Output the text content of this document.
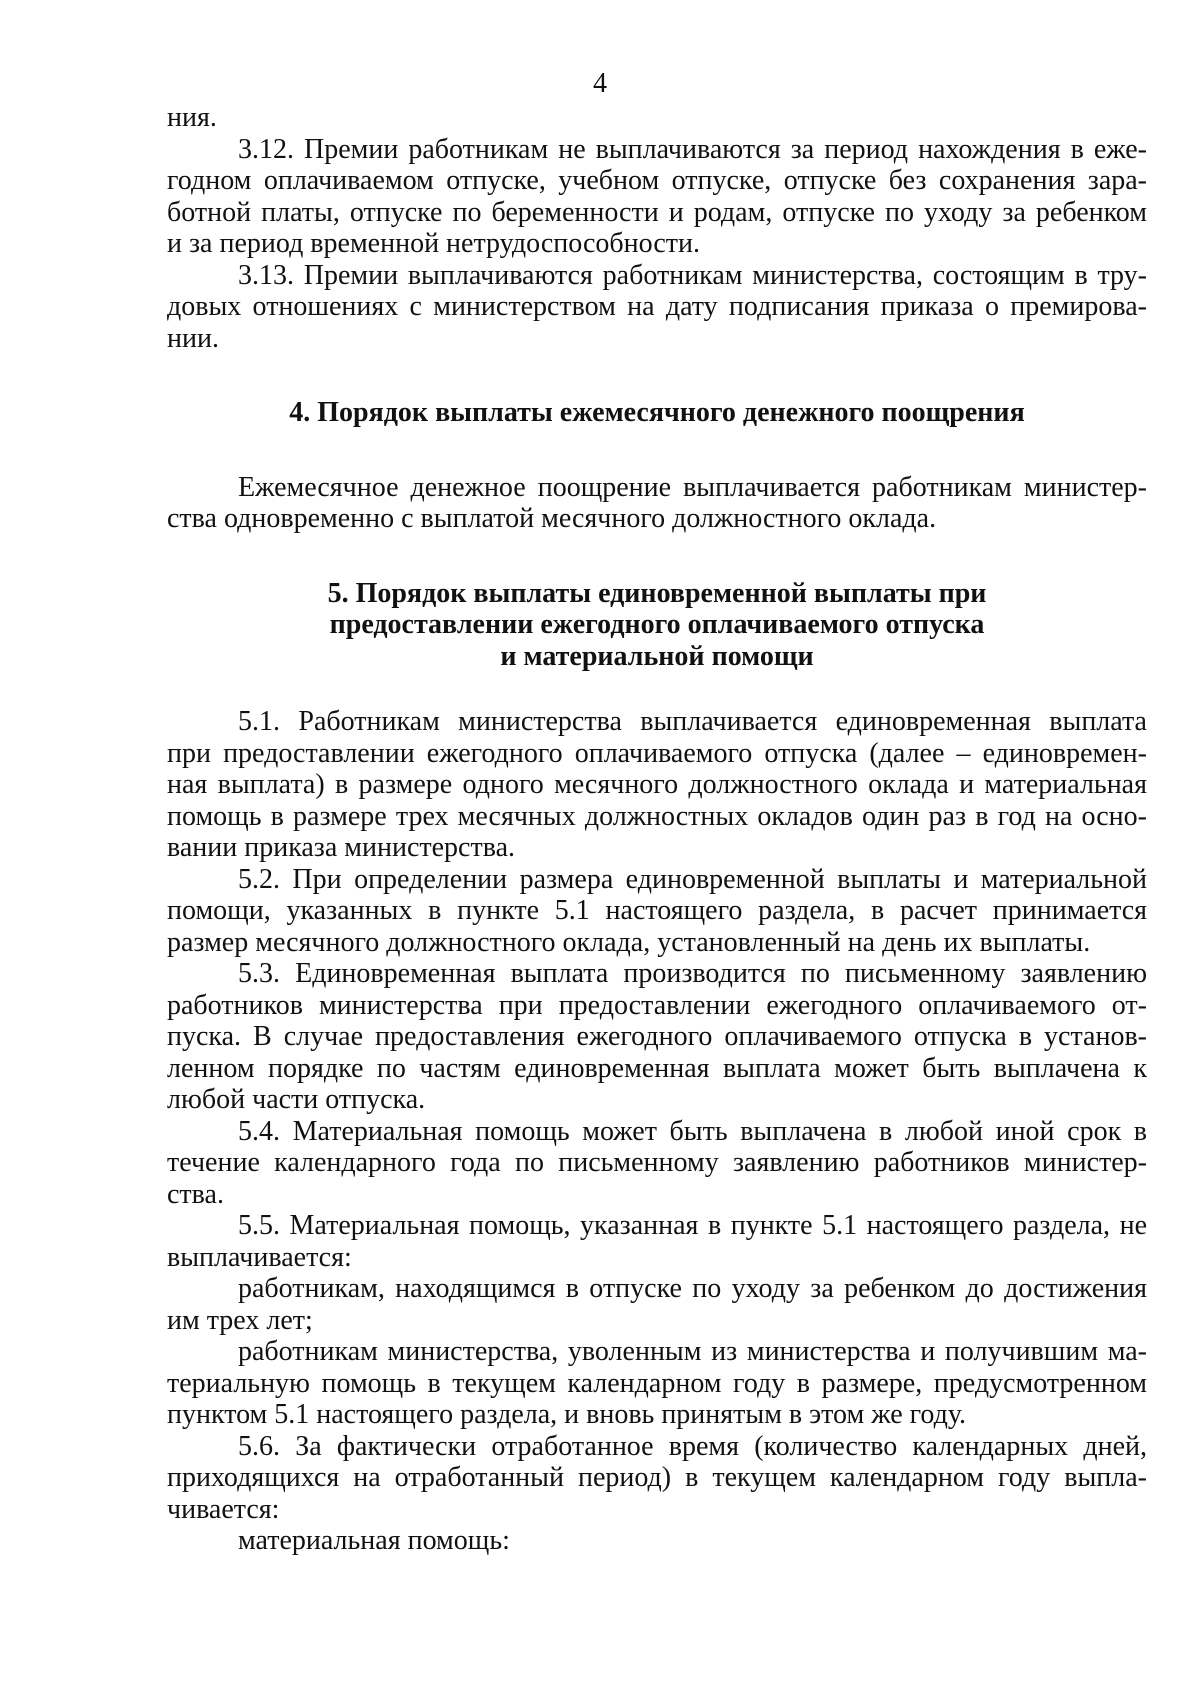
4

ния.

3.12. Премии работникам не выплачиваются за период нахождения в еже-

годном оплачиваемом отпуске, учебном отпуске, отпуске без сохранения зара-

ботной платы, отпуске по беременности и родам, отпуске по уходу за ребенком

и за период временной нетрудоспособности.

3.13. Премии выплачиваются работникам министерства, состоящим в тру-

довых отношениях с министерством на дату подписания приказа о премирова-

нии.

4. Порядок выплаты ежемесячного денежного поощрения

Ежемесячное денежное поощрение выплачивается работникам министер-

ства одновременно с выплатой месячного должностного оклада.

5. Порядок выплаты единовременной выплаты при

предоставлении ежегодного оплачиваемого отпуска

и материальной помощи

5.1. Работникам министерства выплачивается единовременная выплата

при предоставлении ежегодного оплачиваемого отпуска (далее – единовремен-

ная выплата) в размере одного месячного должностного оклада и материальная

помощь в размере трех месячных должностных окладов один раз в год на осно-

вании приказа министерства.

5.2. При определении размера единовременной выплаты и материальной

помощи, указанных в пункте 5.1 настоящего раздела, в расчет принимается

размер месячного должностного оклада, установленный на день их выплаты.

5.3. Единовременная выплата производится по письменному заявлению

работников министерства при предоставлении ежегодного оплачиваемого от-

пуска. В случае предоставления ежегодного оплачиваемого отпуска в установ-

ленном порядке по частям единовременная выплата может быть выплачена к

любой части отпуска.

5.4. Материальная помощь может быть выплачена в любой иной срок в

течение календарного года по письменному заявлению работников министер-

ства.

5.5. Материальная помощь, указанная в пункте 5.1 настоящего раздела, не

выплачивается:

работникам, находящимся в отпуске по уходу за ребенком до достижения

им трех лет;

работникам министерства, уволенным из министерства и получившим ма-

териальную помощь в текущем календарном году в размере, предусмотренном

пунктом 5.1 настоящего раздела, и вновь принятым в этом же году.

5.6. За фактически отработанное время (количество календарных дней,

приходящихся на отработанный период) в текущем календарном году выпла-

чивается:

материальная помощь:
